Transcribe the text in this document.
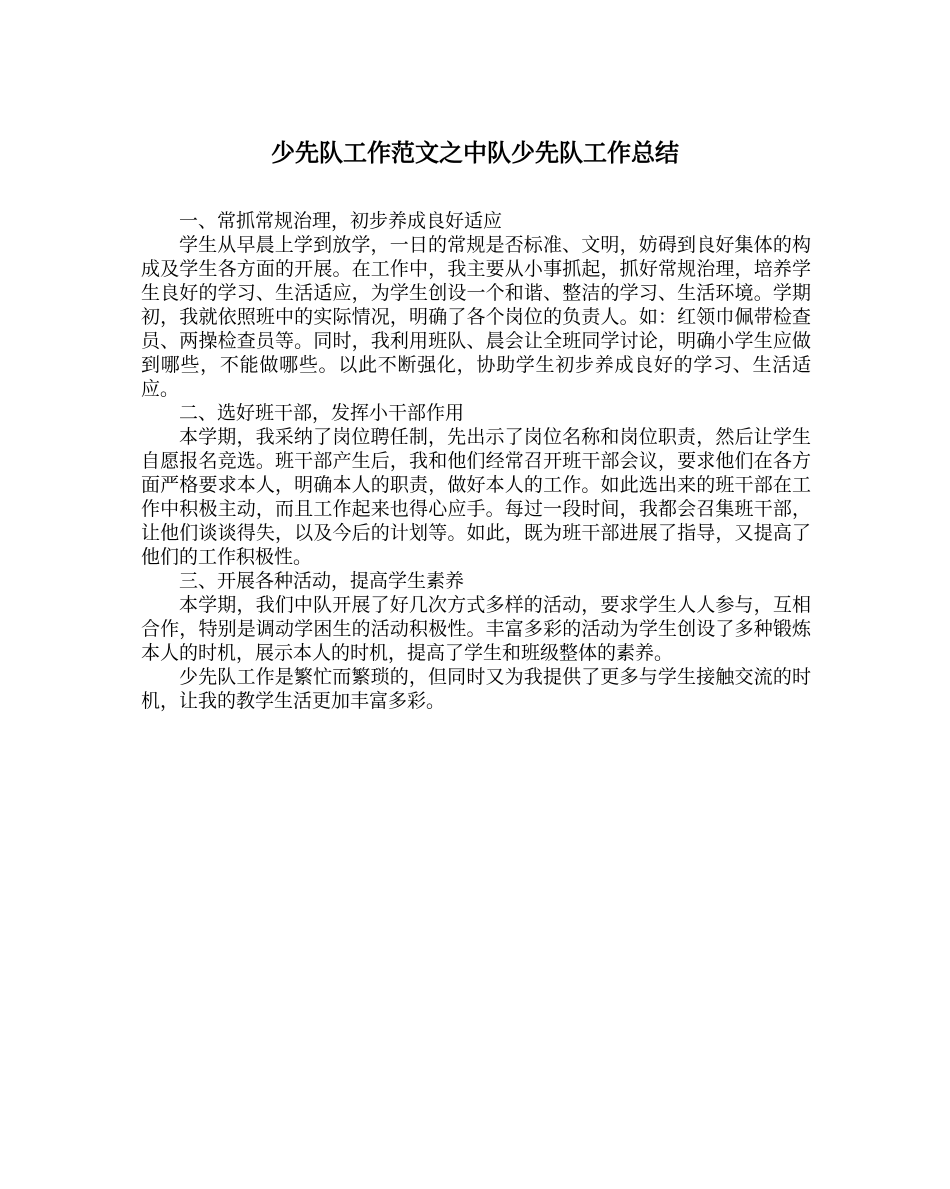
少先队工作范文之中队少先队工作总结

一、常抓常规治理，初步养成良好适应

学生从早晨上学到放学，一日的常规是否标准、文明，妨碍到良好集体的构成及学生各方面的开展。在工作中，我主要从小事抓起，抓好常规治理，培养学生良好的学习、生活适应，为学生创设一个和谐、整洁的学习、生活环境。学期初，我就依照班中的实际情况，明确了各个岗位的负责人。如：红领巾佩带检查员、两操检查员等。同时，我利用班队、晨会让全班同学讨论，明确小学生应做到哪些，不能做哪些。以此不断强化，协助学生初步养成良好的学习、生活适应。

二、选好班干部，发挥小干部作用

本学期，我采纳了岗位聘任制，先出示了岗位名称和岗位职责，然后让学生自愿报名竞选。班干部产生后，我和他们经常召开班干部会议，要求他们在各方面严格要求本人，明确本人的职责，做好本人的工作。如此选出来的班干部在工作中积极主动，而且工作起来也得心应手。每过一段时间，我都会召集班干部，让他们谈谈得失，以及今后的计划等。如此，既为班干部进展了指导，又提高了他们的工作积极性。

三、开展各种活动，提高学生素养

本学期，我们中队开展了好几次方式多样的活动，要求学生人人参与，互相合作，特别是调动学困生的活动积极性。丰富多彩的活动为学生创设了多种锻炼本人的时机，展示本人的时机，提高了学生和班级整体的素养。

少先队工作是繁忙而繁琐的，但同时又为我提供了更多与学生接触交流的时机，让我的教学生活更加丰富多彩。
